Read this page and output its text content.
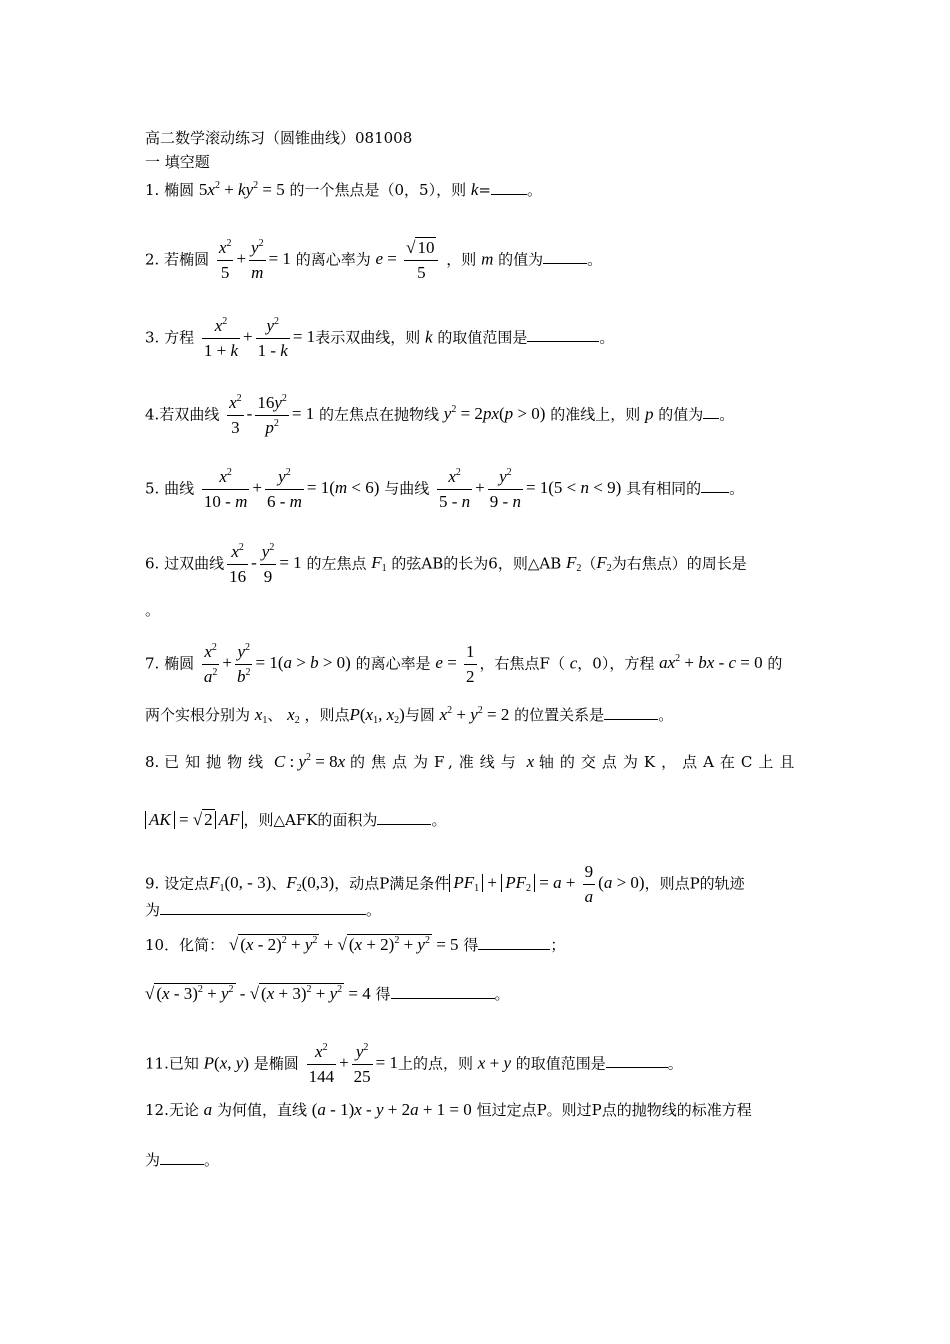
高二数学滚动练习（圆锥曲线）081008
一 填空题
1. 椭圆 $5x^2 + ky^2 = 5$ 的一个焦点是（0，5），则 k= 。
2. 若椭圆 $\frac{x^2}{5} + \frac{y^2}{m} = 1$ 的离心率为 $e = \frac{√ 10}{5}$ ，则 m 的值为	。
3. 方程 $\frac{x^2}{1 + k} + \frac{y^2}{1 - k} = 1$表示双曲线，则 k 的取值范围是	。
4.若双曲线 $\frac{x^2}{3} - \frac{16y^2}{p^2} = 1$ 的左焦点在抛物线 $y^2 = 2px(p > 0)$ 的准线上，则 p 的值为 。
5. 曲线 $\frac{x^2}{10 - m} + \frac{y^2}{6 - m} = 1(m < 6)$ 与曲线 $\frac{x^2}{5 - n} + \frac{y^2}{9 - n} = 1(5 < n < 9)$ 具有相同的 。
6. 过双曲线 $\frac{x^2}{16} - \frac{y^2}{9} = 1$ 的左焦点 $F_1$ 的弦AB的长为6，则△AB $F_2(F_2$为右焦点）的周长是
。
7. 椭圆 $\frac{x^2}{a^2} + \frac{y^2}{b^2} = 1(a > b > 0)$ 的离心率是 $e = \frac{1}{2}$ ，右焦点F（ c，0），方程 $ax^2$ + bx - c = 0 的
两个实根分别为 $x_1$、 $x_2$ ，则点$P(x_1$, $x_2$)与圆 $x^2 + y^2 = 2$ 的位置关系是	。
8. 已知抛物线 C : $y^2 = 8x$ 的焦点为F,准线与 x 轴的交点为K，点A在C上且
AK = √ 2 AF ，则△AFK的面积为	。
9. 设定点$F_1(0$, - 3)、$F_2(0,3)$，动点P满足条件 $PF_1 + PF_2 = a + \frac{9}{a} (a > 0)$，则点P的轨迹
为	。
10．化简： √ $(x - 2)^2 + y^2$ + √ $(x + 2)^2 + y^2 = 5$ 得	；
√ $(x - 3)^2 + y^2$ - √ $(x + 3)^2 + y^2 = 4$ 得	。
11.已知 P(x, y) 是椭圆 $\frac{x^2}{144} + \frac{y^2}{25} = 1$上的点，则 x + y 的取值范围是	。
12.无论 a 为何值，直线 (a - 1)x - y + 2a + 1 = 0 恒过定点P。则过P点的抛物线的标准方程
为	。
